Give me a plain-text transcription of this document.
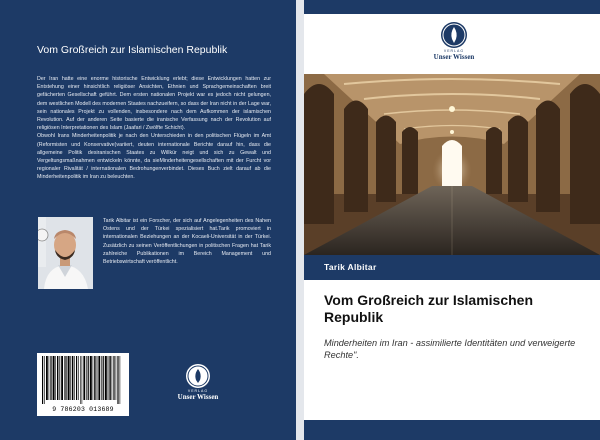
Vom Großreich zur Islamischen Republik

Der Iran hatte eine enorme historische Entwicklung erlebt; diese Entwicklungen hatten zur Entstehung einer hinsichtlich religiöser Ansichten, Ethnien und Sprachgemeinschaften breit gefächerten Gesellschaft geführt. Dem ersten nationalen Projekt war es jedoch nicht gelungen, dem westlichen Modell des modernen Staates nachzueifern, so dass der Iran nicht in der Lage war, sein nationales Projekt zu vollenden, insbesondere nach dem Aufkommen der islamischen Revolution. Auf der anderen Seite basierte die iranische Verfassung nach der Revolution auf religiösen Interpretationen des Islam (Jaafari / Zwölfte Schicht).

Obwohl Irans Minderheitenpolitik je nach den Unterschieden in den politischen Flügeln im Amt (Reformisten und Konservative)variiert, deuten internationale Berichte darauf hin, dass die allgemeine Politik desiranischen Staates zu Willkür neigt und sich zu Gewalt und Vergeltungsmaßnahmen entwickeln könnte, da sieMinderheitengesellschaften mit der Furcht vor regionaler Rivalität / internationalen Bedrohungenverbindet. Dieses Buch zielt darauf ab die Minderheitenpolitik im Iran zu beleuchten.

Tarik Albitar ist ein Forscher, der sich auf Angelegenheiten des Nahen Ostens und der Türkei spezialisiert hat.Tarik promoviert in internationalen Beziehungen an der Kocaeli-Universität in der Türkei. Zusätzlich zu seinen Veröffentlichungen in politischen Fragen hat Tarik zahlreiche Publikationen im Bereich Management und Betriebswirtschaft veröffentlicht.
9 786203 013689
VERLAG
Unser Wissen
VERLAG
Unser Wissen
Tarik Albitar
Vom Großreich zur Islamischen Republik
Minderheiten im Iran - assimilierte Identitäten und verweigerte Rechte".
